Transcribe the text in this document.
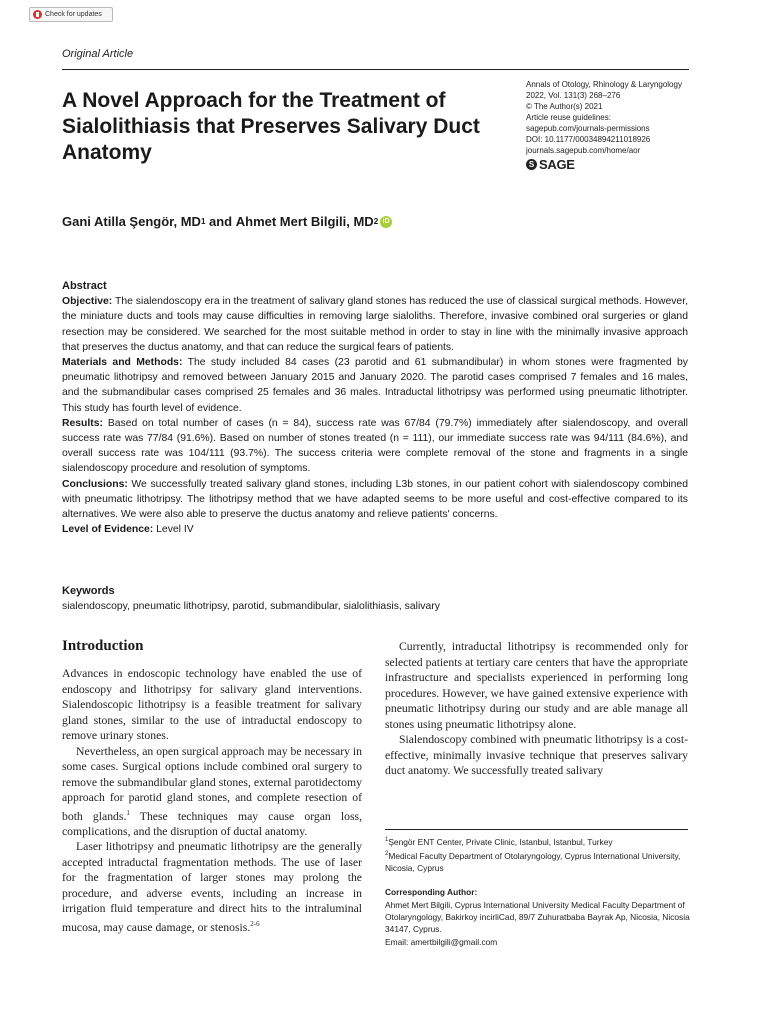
Check for updates
Original Article
A Novel Approach for the Treatment of Sialolithiasis that Preserves Salivary Duct Anatomy
Annals of Otology, Rhinology & Laryngology
2022, Vol. 131(3) 268–276
© The Author(s) 2021
Article reuse guidelines:
sagepub.com/journals-permissions
DOI: 10.1177/00034894211018926
journals.sagepub.com/home/aor
S SAGE
Gani Atilla Şengör, MD 1 and Ahmet Mert Bilgili, MD 2 iD

Abstract

Objective: The sialendoscopy era in the treatment of salivary gland stones has reduced the use of classical surgical methods. However, the miniature ducts and tools may cause difficulties in removing large sialoliths. Therefore, invasive combined oral surgeries or gland resection may be considered. We searched for the most suitable method in order to stay in line with the minimally invasive approach that preserves the ductus anatomy, and that can reduce the surgical fears of patients.

Materials and Methods: The study included 84 cases (23 parotid and 61 submandibular) in whom stones were fragmented by pneumatic lithotripsy and removed between January 2015 and January 2020. The parotid cases comprised 7 females and 16 males, and the submandibular cases comprised 25 females and 36 males. Intraductal lithotripsy was performed using pneumatic lithotripter. This study has fourth level of evidence.

Results: Based on total number of cases (n = 84), success rate was 67/84 (79.7%) immediately after sialendoscopy, and overall success rate was 77/84 (91.6%). Based on number of stones treated (n = 111), our immediate success rate was 94/111 (84.6%), and overall success rate was 104/111 (93.7%). The success criteria were complete removal of the stone and fragments in a single sialendoscopy procedure and resolution of symptoms.

Conclusions: We successfully treated salivary gland stones, including L3b stones, in our patient cohort with sialendoscopy combined with pneumatic lithotripsy. The lithotripsy method that we have adapted seems to be more useful and cost-effective compared to its alternatives. We were also able to preserve the ductus anatomy and relieve patients' concerns.

Level of Evidence: Level IV

Keywords
sialendoscopy, pneumatic lithotripsy, parotid, submandibular, sialolithiasis, salivary
Introduction

Advances in endoscopic technology have enabled the use of endoscopy and lithotripsy for salivary gland interventions. Sialendoscopic lithotripsy is a feasible treatment for salivary gland stones, similar to the use of intraductal endoscopy to remove urinary stones.

Nevertheless, an open surgical approach may be necessary in some cases. Surgical options include combined oral surgery to remove the submandibular gland stones, external parotidectomy approach for parotid gland stones, and complete resection of both glands.$^1$ These techniques may cause organ loss, complications, and the disruption of ductal anatomy.

Laser lithotripsy and pneumatic lithotripsy are the generally accepted intraductal fragmentation methods. The use of laser for the fragmentation of larger stones may prolong the procedure, and adverse events, including an increase in irrigation fluid temperature and direct hits to the intraluminal mucosa, may cause damage, or stenosis.$^{2-6}$

Currently, intraductal lithotripsy is recommended only for selected patients at tertiary care centers that have the appropriate infrastructure and specialists experienced in performing long procedures. However, we have gained extensive experience with pneumatic lithotripsy during our study and are able manage all stones using pneumatic lithotripsy alone.

Sialendoscopy combined with pneumatic lithotripsy is a cost-effective, minimally invasive technique that preserves salivary duct anatomy. We successfully treated salivary

$^1$Şengör ENT Center, Private Clinic, Istanbul, Istanbul, Turkey

$^2$Medical Faculty Department of Otolaryngology, Cyprus International University, Nicosia, Cyprus

Corresponding Author:

Ahmet Mert Bilgili, Cyprus International University Medical Faculty Department of Otolaryngology, Bakirkoy incirliCad, 89/7 Zuhuratbaba Bayrak Ap, Nicosia, Nicosia 34147, Cyprus.

Email: amertbilgili@gmail.com
